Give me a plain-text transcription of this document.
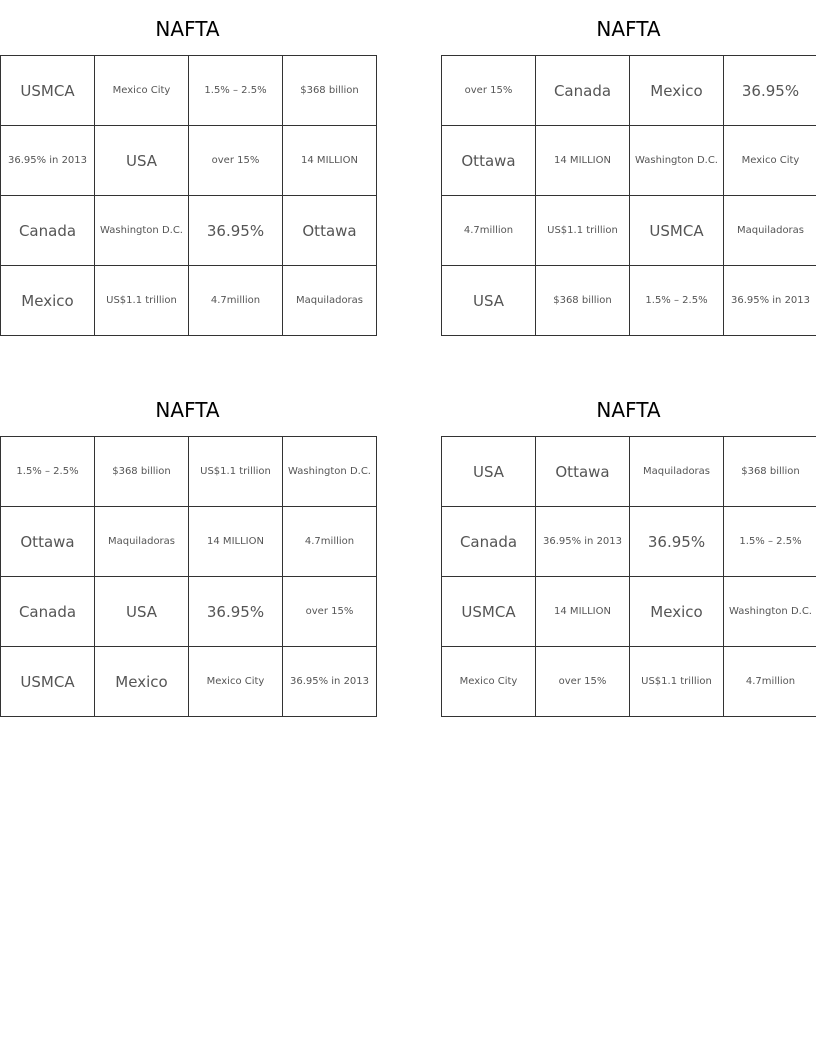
NAFTA
USMCA	Mexico City	1.5% – 2.5%	$368 billion
36.95% in 2013	USA	over 15%	14 MILLION
Canada	Washington D.C.	36.95%	Ottawa
Mexico	US$1.1 trillion	4.7million	Maquiladoras
NAFTA
over 15%	Canada	Mexico	36.95%
Ottawa	14 MILLION	Washington D.C.	Mexico City
4.7million	US$1.1 trillion	USMCA	Maquiladoras
USA	$368 billion	1.5% – 2.5%	36.95% in 2013
NAFTA
1.5% – 2.5%	$368 billion	US$1.1 trillion	Washington D.C.
Ottawa	Maquiladoras	14 MILLION	4.7million
Canada	USA	36.95%	over 15%
USMCA	Mexico	Mexico City	36.95% in 2013
NAFTA
USA	Ottawa	Maquiladoras	$368 billion
Canada	36.95% in 2013	36.95%	1.5% – 2.5%
USMCA	14 MILLION	Mexico	Washington D.C.
Mexico City	over 15%	US$1.1 trillion	4.7million
